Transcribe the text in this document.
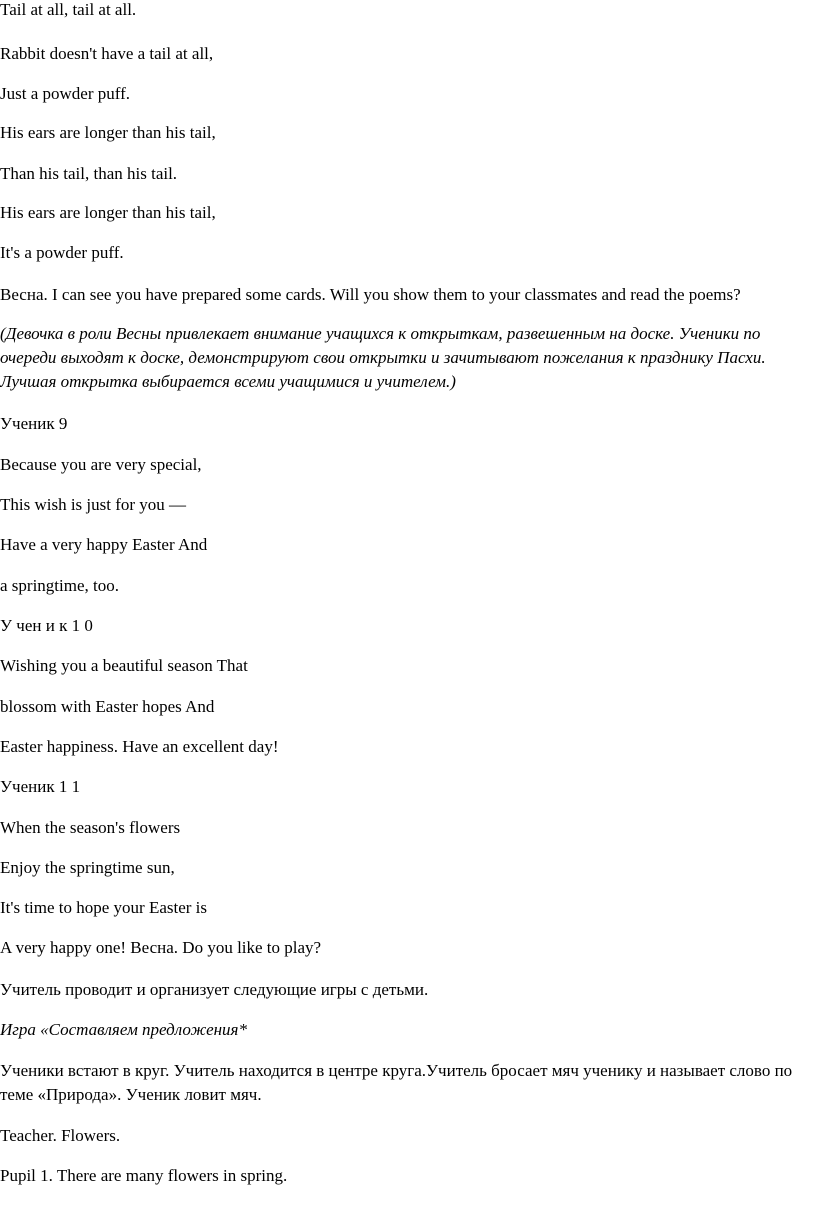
Tail at all, tail at all.
Rabbit doesn't have a tail at all,
Just a powder puff.
His ears are longer than his tail,
Than his tail, than his tail.
His ears are longer than his tail,
It's a powder puff.
Весна. I can see you have prepared some cards. Will you show them to your classmates and read the poems?
(Девочка в роли Весны привлекает внимание учащихся к открыткам, развешенным на доске. Ученики по очереди выходят к доске, демонстрируют свои открытки и зачитывают пожелания к празднику Пасхи. Лучшая открытка выбирается всеми учащимися и учителем.)
Ученик 9
Because you are very special,
This wish is just for you —
Have a very happy Easter And
a springtime, too.
У чен и к 1 0
Wishing you a beautiful season That
blossom with Easter hopes And
Easter happiness. Have an excellent day!
Ученик 1 1
When the season's flowers
Enjoy the springtime sun,
It's time to hope your Easter is
A very happy one! Весна. Do you like to play?
Учитель проводит и организует следующие игры с детьми.
Игра «Составляем предложения*
Ученики встают в круг. Учитель находится в центре круга.Учитель бросает мяч ученику и называет слово по теме «Природа». Ученик ловит мяч.
Teacher. Flowers.
Pupil 1. There are many flowers in spring.
